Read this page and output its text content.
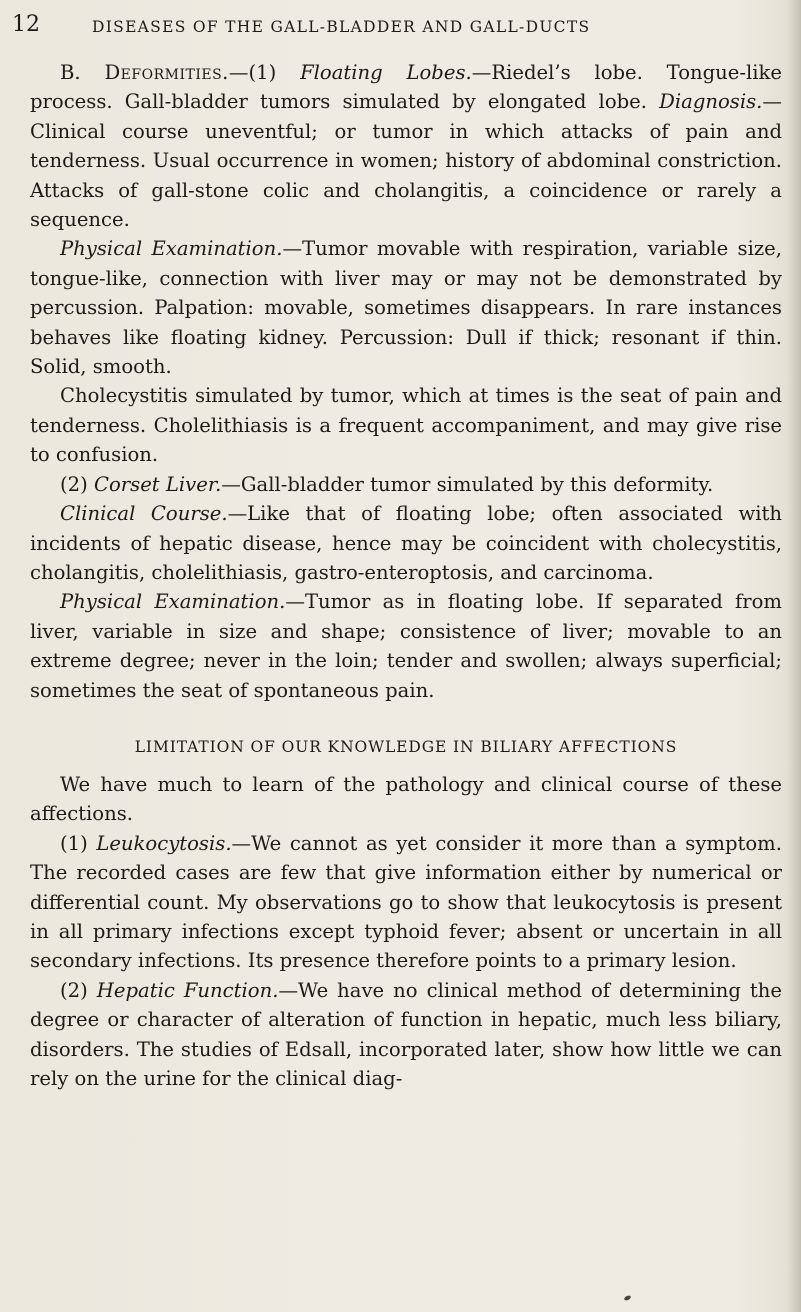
12	DISEASES OF THE GALL-BLADDER AND GALL-DUCTS

B. Deformities.—(1) Floating Lobes.—Riedel’s lobe. Tongue-like process. Gall-bladder tumors simulated by elongated lobe. Diagnosis.—Clinical course uneventful; or tumor in which attacks of pain and tenderness. Usual occurrence in women; history of abdominal constriction. Attacks of gall-stone colic and cholangitis, a coincidence or rarely a sequence.

Physical Examination.—Tumor movable with respiration, variable size, tongue-like, connection with liver may or may not be demonstrated by percussion. Palpation: movable, sometimes disappears. In rare instances behaves like floating kidney. Percussion: Dull if thick; resonant if thin. Solid, smooth.

Cholecystitis simulated by tumor, which at times is the seat of pain and tenderness. Cholelithiasis is a frequent accompaniment, and may give rise to confusion.

(2) Corset Liver.—Gall-bladder tumor simulated by this deformity.

Clinical Course.—Like that of floating lobe; often associated with incidents of hepatic disease, hence may be coincident with cholecystitis, cholangitis, cholelithiasis, gastro-enteroptosis, and carcinoma.

Physical Examination.—Tumor as in floating lobe. If separated from liver, variable in size and shape; consistence of liver; movable to an extreme degree; never in the loin; tender and swollen; always superficial; sometimes the seat of spontaneous pain.

LIMITATION OF OUR KNOWLEDGE IN BILIARY AFFECTIONS

We have much to learn of the pathology and clinical course of these affections.

(1) Leukocytosis.—We cannot as yet consider it more than a symptom. The recorded cases are few that give information either by numerical or differential count. My observations go to show that leukocytosis is present in all primary infections except typhoid fever; absent or uncertain in all secondary infections. Its presence therefore points to a primary lesion.

(2) Hepatic Function.—We have no clinical method of determining the degree or character of alteration of function in hepatic, much less biliary, disorders. The studies of Edsall, incorporated later, show how little we can rely on the urine for the clinical diag-
